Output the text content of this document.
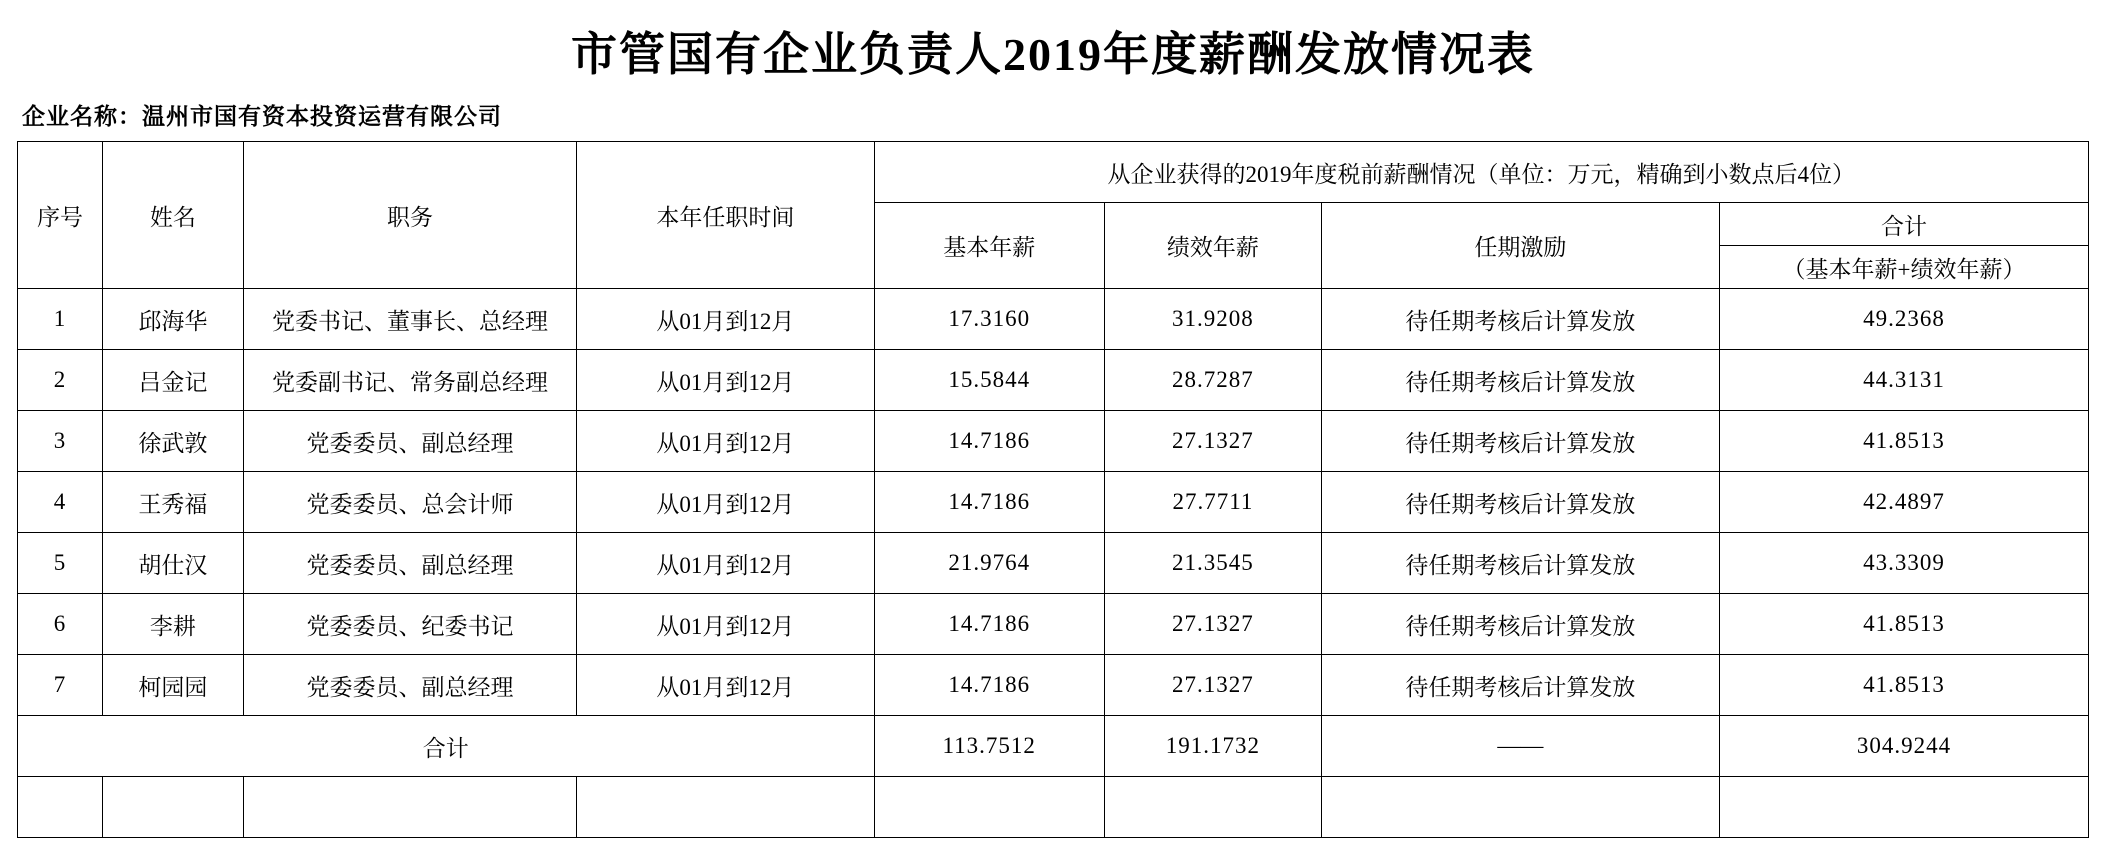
市管国有企业负责人2019年度薪酬发放情况表
企业名称：温州市国有资本投资运营有限公司
序号	姓名	职务	本年任职时间	从企业获得的2019年度税前薪酬情况（单位：万元，精确到小数点后4位）			
				基本年薪	绩效年薪	任期激励	合计
							（基本年薪+绩效年薪）
1	邱海华	党委书记、董事长、总经理	从01月到12月	17.3160	31.9208	待任期考核后计算发放	49.2368
2	吕金记	党委副书记、常务副总经理	从01月到12月	15.5844	28.7287	待任期考核后计算发放	44.3131
3	徐武敦	党委委员、副总经理	从01月到12月	14.7186	27.1327	待任期考核后计算发放	41.8513
4	王秀福	党委委员、总会计师	从01月到12月	14.7186	27.7711	待任期考核后计算发放	42.4897
5	胡仕汉	党委委员、副总经理	从01月到12月	21.9764	21.3545	待任期考核后计算发放	43.3309
6	李耕	党委委员、纪委书记	从01月到12月	14.7186	27.1327	待任期考核后计算发放	41.8513
7	柯园园	党委委员、副总经理	从01月到12月	14.7186	27.1327	待任期考核后计算发放	41.8513
合计				113.7512	191.1732	——	304.9244
